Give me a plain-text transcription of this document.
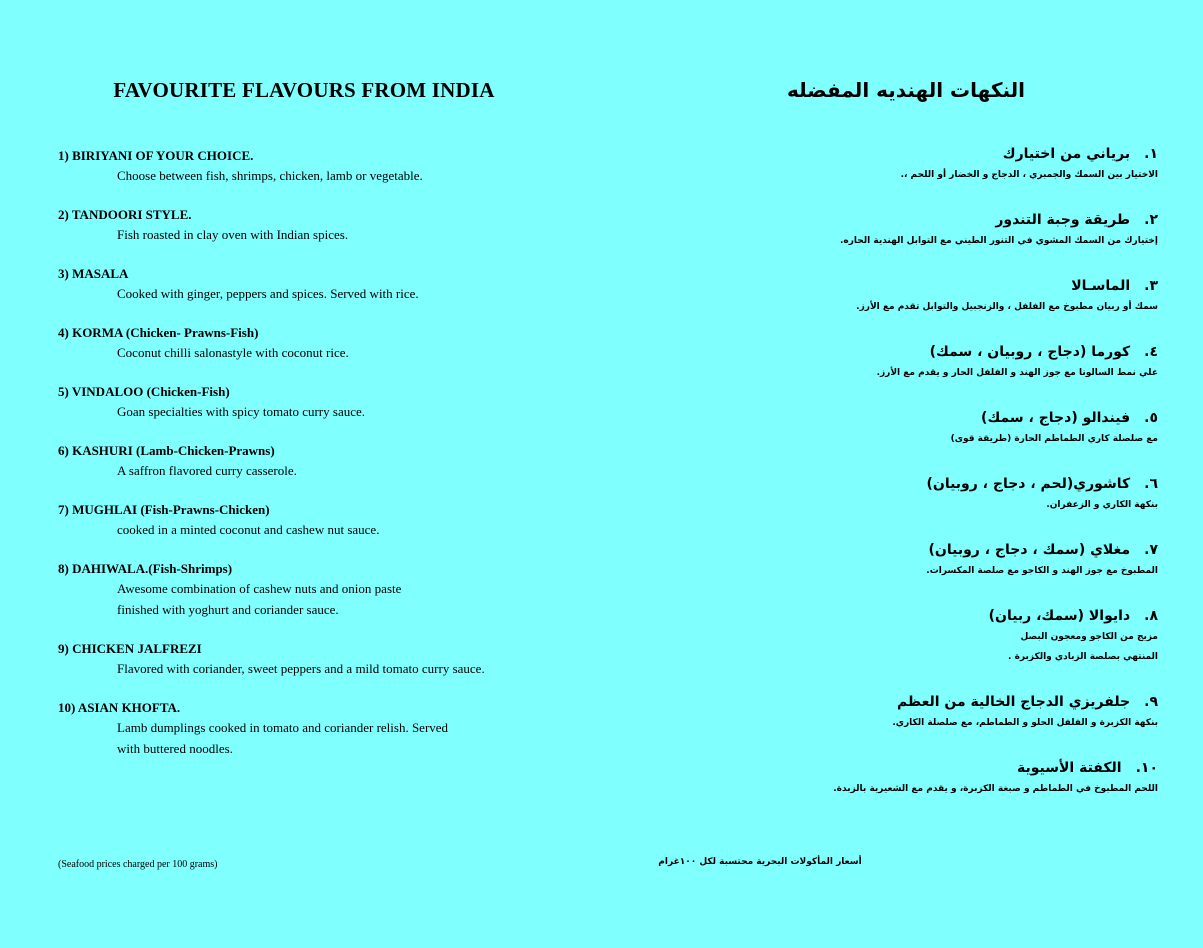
FAVOURITE FLAVOURS FROM INDIA
1) BIRIYANI OF YOUR CHOICE.
Choose between fish, shrimps, chicken, lamb or vegetable.
2) TANDOORI STYLE.
Fish roasted in clay oven with Indian spices.
3) MASALA
Cooked with ginger, peppers and spices. Served with rice.
4) KORMA (Chicken- Prawns-Fish)
Coconut chilli salonastyle with coconut rice.
5) VINDALOO (Chicken-Fish)
Goan specialties with spicy tomato curry sauce.
6) KASHURI (Lamb-Chicken-Prawns)
A saffron flavored curry casserole.
7) MUGHLAI (Fish-Prawns-Chicken)
cooked in a minted coconut and cashew nut sauce.
8) DAHIWALA.(Fish-Shrimps)
Awesome combination of cashew nuts and onion paste
finished with yoghurt and coriander sauce.
9) CHICKEN JALFREZI
Flavored with coriander, sweet peppers and a mild tomato curry sauce.
10) ASIAN KHOFTA.
Lamb dumplings cooked in tomato and coriander relish. Served
with buttered noodles.
(Seafood prices charged per 100 grams)
النكهات الهنديه المفضله
١.برياني من اختيارك
الاختيار بين السمك والجمبري ، الدجاج و الخضار أو اللحم ،.
٢.طريقة وجبة التندور
إختيارك من السمك المشوي في التنور الطيني مع التوابل الهندية الحاره.
٣.الماسـالا
سمك أو ربيان مطبوخ مع الفلفل ، والزنجبيل والتوابل تقدم مع الأرز.
٤.كورما (دجاج ، روبيان ، سمك)
علي نمط السالونا مع جوز الهند و الفلفل الحار و يقدم مع الأرز.
٥.فيندالو (دجاج ، سمك)
مع صلصلة كاري الطماطم الحارة (طريقة قوى)
٦.كاشوري(لحم ، دجاج ، روبيان)
بنكهة الكاري و الزعفران.
٧.مغلاي (سمك ، دجاج ، روبيان)
المطبوخ مع جوز الهند و الكاجو مع صلصة المكسرات.
٨.دايوالا (سمك، ربيان)
مزيج من الكاجو ومعجون البصل
المنتهي بصلصة الزبادي والكزبرة .
٩.جلفريزي الدجاج الخالية من العظم
بنكهة الكزبرة و الفلفل الحلو و الطماطم، مع صلصلة الكاري.
١٠.الكفتة الأسيوية
اللحم المطبوخ في الطماطم و صبغة الكزبرة، و يقدم مع الشعيرية بالزبدة.
أسعار المأكولات البحرية محتسبة لكل ١٠٠غرام
